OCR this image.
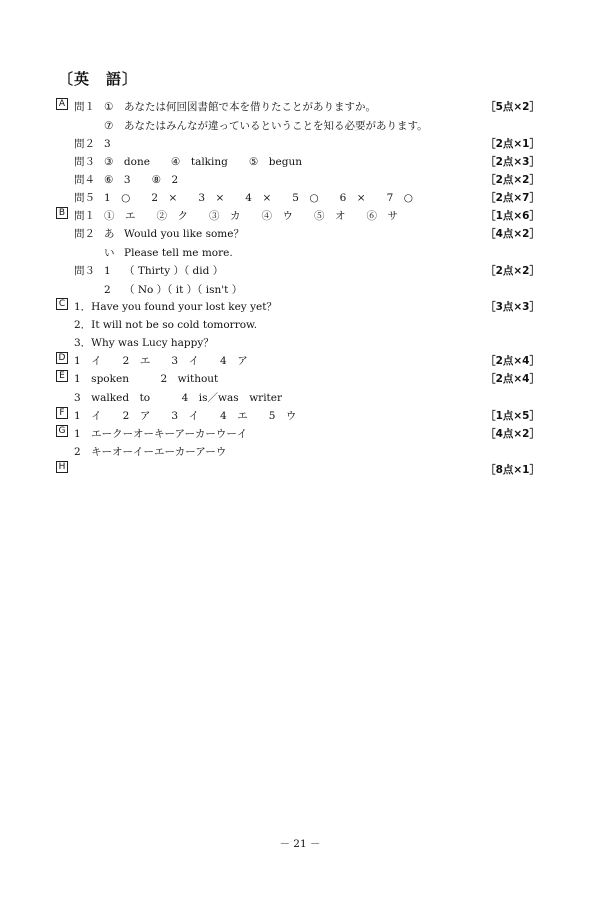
〔英　語〕
A 問１ ① あなたは何回図書館で本を借りたことがありますか。	［5点×2］
⑦ あなたはみんなが違っているということを知る必要があります。
問２ 3	［2点×1］
問３ ③　done　　④　talking　　⑤　begun	［2点×3］
問４ ⑥　3　　⑧　2	［2点×2］
問５ 1　○　　2　×　　3　×　　4　×　　5　○　　6　×　　7　○	［2点×7］
B 問１ ①　エ　　②　ク　　③　カ　　④　ウ　　⑤　オ　　⑥　サ	［1点×6］
問２ あ Would you like some？	［4点×2］
い Please tell me more.
問３ 1 （ Thirty ）（ did ）	［2点×2］
2 （ No ）（ it ）（ isn't ）
C 1．Have you found your lost key yet？	［3点×3］
2．It will not be so cold tomorrow.
3．Why was Lucy happy？
D 1　イ　　2　エ　　3　イ　　4　ア	［2点×4］
E 1　spoken　　　2　without	［2点×4］
3　walked　to　　　4　is／was　writer
F 1　イ　　2　ア　　3　イ　　4　エ　　5　ウ	［1点×5］
G 1　エークーオーキーアーカーウーイ	［4点×2］
2　キーオーイーエーカーアーウ
H	［8点×1］
－ 21 －
